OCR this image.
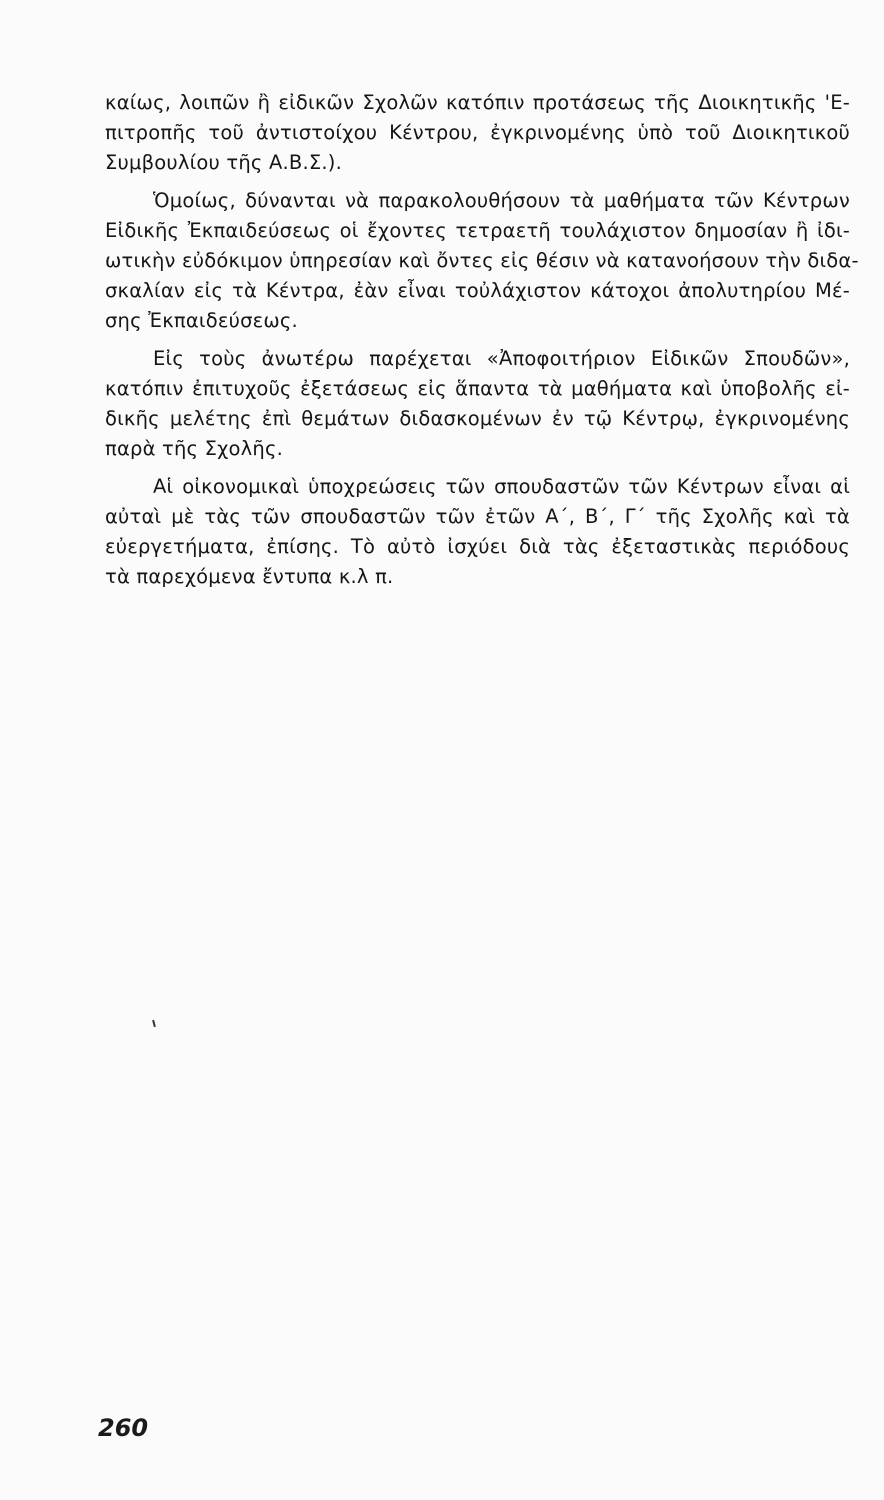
καίως, λοιπῶν ἢ εἰδικῶν Σχολῶν κατόπιν προτάσεως τῆς Διοικητικῆς 'Ε-
πιτροπῆς τοῦ ἀντιστοίχου Κέντρου, ἐγκρινομένης ὑπὸ τοῦ Διοικητικοῦ
Συμβουλίου τῆς Α.Β.Σ.).
Ὁμοίως, δύνανται νὰ παρακολουθήσουν τὰ μαθήματα τῶν Κέντρων
Εἰδικῆς Ἐκπαιδεύσεως οἱ ἔχοντες τετραετῆ τουλάχιστον δημοσίαν ἢ ἰδι-
ωτικὴν εὐδόκιμον ὑπηρεσίαν καὶ ὄντες εἰς θέσιν νὰ κατανοήσουν τὴν διδα-
σκαλίαν εἰς τὰ Κέντρα, ἐὰν εἶναι τοὐλάχιστον κάτοχοι ἀπολυτηρίου Μέ-
σης Ἐκπαιδεύσεως.
Εἰς τοὺς ἀνωτέρω παρέχεται «Ἀποφοιτήριον Εἰδικῶν Σπουδῶν»,
κατόπιν ἐπιτυχοῦς ἐξετάσεως εἰς ἅπαντα τὰ μαθήματα καὶ ὑποβολῆς εἰ-
δικῆς μελέτης ἐπὶ θεμάτων διδασκομένων ἐν τῷ Κέντρῳ, ἐγκρινομένης
παρὰ τῆς Σχολῆς.
Αἱ οἰκονομικαὶ ὑποχρεώσεις τῶν σπουδαστῶν τῶν Κέντρων εἶναι αἱ
αὐταὶ μὲ τὰς τῶν σπουδαστῶν τῶν ἐτῶν Α΄, Β΄, Γ΄ τῆς Σχολῆς καὶ τὰ
εὐεργετήματα, ἐπίσης. Τὸ αὐτὸ ἰσχύει διὰ τὰς ἐξεταστικὰς περιόδους
τὰ παρεχόμενα ἔντυπα κ.λ π.
260
